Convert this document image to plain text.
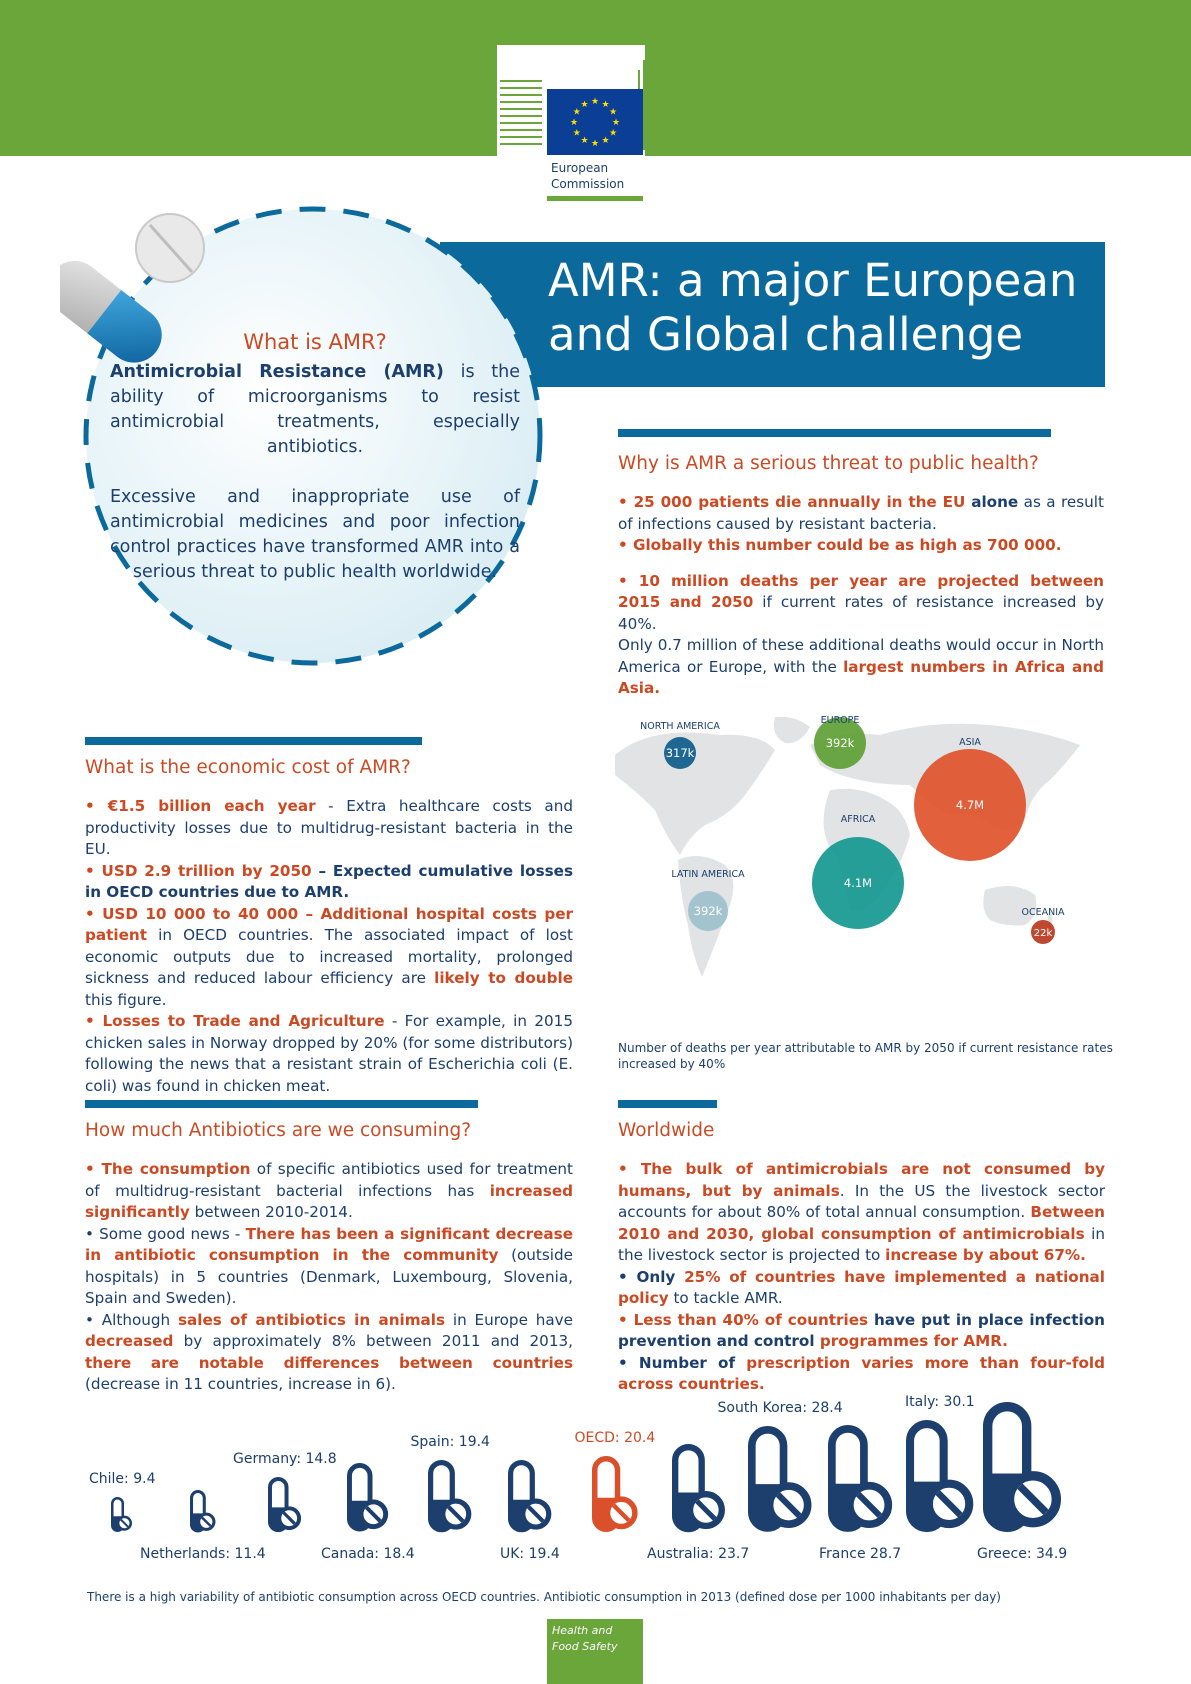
★ ★
★
★
★
★
★
★
★
★
★
★
European
Commission
AMR: a major European
and Global challenge
What is AMR?

Antimicrobial Resistance (AMR) is the ability of microorganisms to resist antimicrobial treatments, especially antibiotics.

Excessive and inappropriate use of antimicrobial medicines and poor infection control practices have transformed AMR into a serious threat to public health worldwide.

Why is AMR a serious threat to public health?

• 25 000 patients die annually in the EU alone as a result of infections caused by resistant bacteria.

• Globally this number could be as high as 700 000.

• 10 million deaths per year are projected between 2015 and 2050 if current rates of resistance increased by 40%.

Only 0.7 million of these additional deaths would occur in North America or Europe, with the largest numbers in Africa and Asia.

What is the economic cost of AMR?

• €1.5 billion each year - Extra healthcare costs and productivity losses due to multidrug-resistant bacteria in the EU.

• USD 2.9 trillion by 2050 – Expected cumulative losses in OECD countries due to AMR.

• USD 10 000 to 40 000 – Additional hospital costs per patient in OECD countries. The associated impact of lost economic outputs due to increased mortality, prolonged sickness and reduced labour efficiency are likely to double this figure.

• Losses to Trade and Agriculture - For example, in 2015 chicken sales in Norway dropped by 20% (for some distributors) following the news that a resistant strain of Escherichia coli (E. coli) was found in chicken meat.

NORTH AMERICA
317k
EUROPE
392k	ASIA
4.7M
AFRICA
4.1M
LATIN AMERICA
392k	OCEANIA
22k
Number of deaths per year attributable to AMR by 2050 if current resistance rates increased by 40%
How much Antibiotics are we consuming?

• The consumption of specific antibiotics used for treatment of multidrug-resistant bacterial infections has increased significantly between 2010-2014.

• Some good news - There has been a significant decrease in antibiotic consumption in the community (outside hospitals) in 5 countries (Denmark, Luxembourg, Slovenia, Spain and Sweden).

• Although sales of antibiotics in animals in Europe have decreased by approximately 8% between 2011 and 2013, there are notable differences between countries (decrease in 11 countries, increase in 6).

Worldwide

• The bulk of antimicrobials are not consumed by humans, but by animals. In the US the livestock sector accounts for about 80% of total annual consumption. Between 2010 and 2030, global consumption of antimicrobials in the livestock sector is projected to increase by about 67%.

• Only 25% of countries have implemented a national policy to tackle AMR.

• Less than 40% of countries have put in place infection prevention and control programmes for AMR.

• Number of prescription varies more than four-fold across countries.

Chile: 9.4
Netherlands: 11.4
Germany: 14.8
Canada: 18.4
Spain: 19.4
UK: 19.4
OECD: 20.4
Australia: 23.7
South Korea: 28.4
France 28.7
Italy: 30.1
Greece: 34.9
There is a high variability of antibiotic consumption across OECD countries. Antibiotic consumption in 2013 (defined dose per 1000 inhabitants per day)
Health and
Food Safety
